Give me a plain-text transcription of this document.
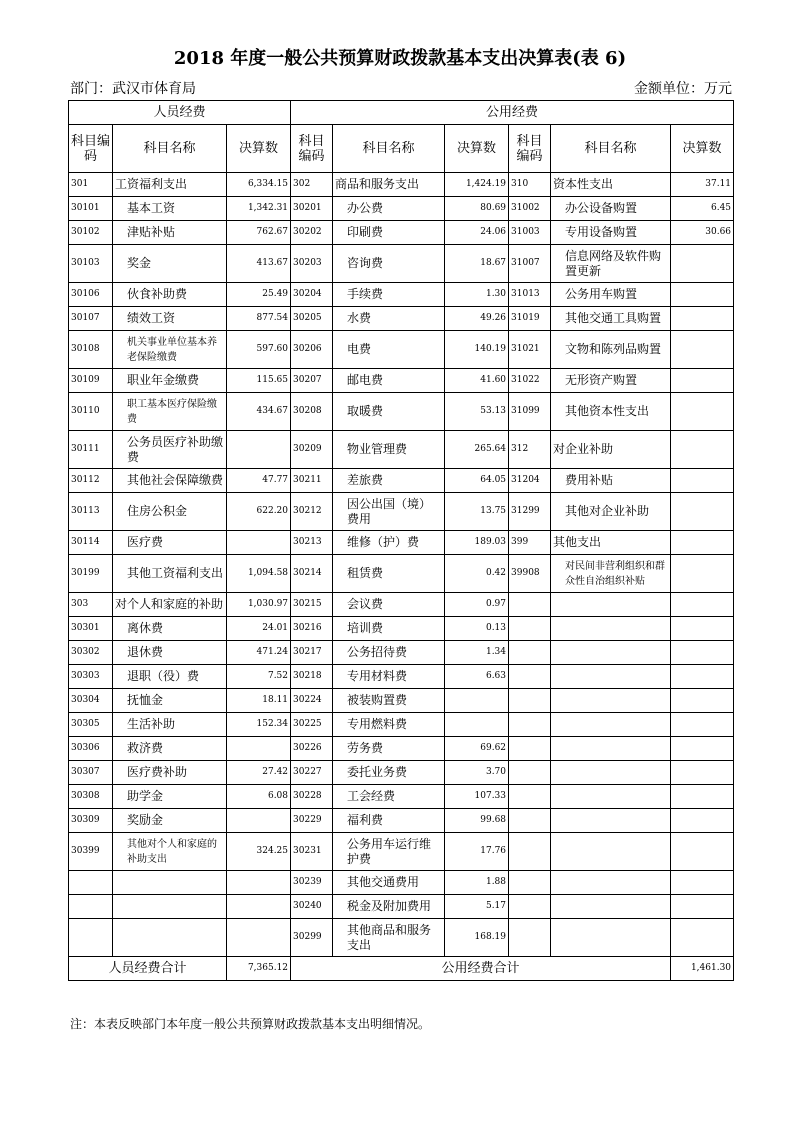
2018 年度一般公共预算财政拨款基本支出决算表(表 6)
部门：武汉市体育局	金额单位：万元
人员经费			公用经费					
科目编码	科目名称	决算数	科目编码	科目名称	决算数	科目编码	科目名称	决算数
301	工资福利支出	6,334.15	302	商品和服务支出	1,424.19	310	资本性支出	37.11
30101	基本工资	1,342.31	30201	办公费	80.69	31002	办公设备购置	6.45
30102	津贴补贴	762.67	30202	印刷费	24.06	31003	专用设备购置	30.66
30103	奖金	413.67	30203	咨询费	18.67	31007	信息网络及软件购置更新	
30106	伙食补助费	25.49	30204	手续费	1.30	31013	公务用车购置	
30107	绩效工资	877.54	30205	水费	49.26	31019	其他交通工具购置	
30108	机关事业单位基本养老保险缴费	597.60	30206	电费	140.19	31021	文物和陈列品购置	
30109	职业年金缴费	115.65	30207	邮电费	41.60	31022	无形资产购置	
30110	职工基本医疗保险缴费	434.67	30208	取暖费	53.13	31099	其他资本性支出	
30111	公务员医疗补助缴费		30209	物业管理费	265.64	312	对企业补助	
30112	其他社会保障缴费	47.77	30211	差旅费	64.05	31204	费用补贴	
30113	住房公积金	622.20	30212	因公出国（境）费用	13.75	31299	其他对企业补助	
30114	医疗费		30213	维修（护）费	189.03	399	其他支出	
30199	其他工资福利支出	1,094.58	30214	租赁费	0.42	39908	对民间非营利组织和群众性自治组织补贴	
303	对个人和家庭的补助	1,030.97	30215	会议费	0.97			
30301	离休费	24.01	30216	培训费	0.13			
30302	退休费	471.24	30217	公务招待费	1.34			
30303	退职（役）费	7.52	30218	专用材料费	6.63			
30304	抚恤金	18.11	30224	被装购置费				
30305	生活补助	152.34	30225	专用燃料费				
30306	救济费		30226	劳务费	69.62			
30307	医疗费补助	27.42	30227	委托业务费	3.70			
30308	助学金	6.08	30228	工会经费	107.33			
30309	奖励金		30229	福利费	99.68			
30399	其他对个人和家庭的补助支出	324.25	30231	公务用车运行维护费	17.76			
			30239	其他交通费用	1.88			
			30240	税金及附加费用	5.17			
			30299	其他商品和服务支出	168.19			
人员经费合计		7,365.12	公用经费合计					1,461.30
注：本表反映部门本年度一般公共预算财政拨款基本支出明细情况。
